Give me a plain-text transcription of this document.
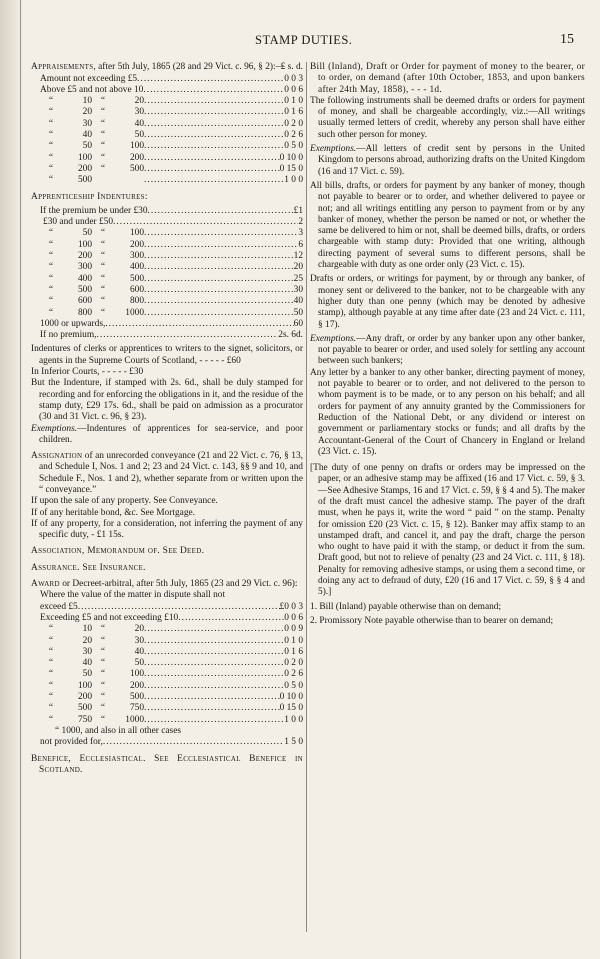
STAMP DUTIES.	15

Appraisements, after 5th July, 1865 (28 and 29 Vict. c. 96, § 2):—

£ s. d.
Amount not exceeding £5 .....	0 0 3
Above £5 and not above 10 .....	0 0 6
“	10 “	20 .....	0 1 0
“	20 “	30 .....	0 1 6
“	30 “	40 .....	0 2 0
“	40 “	50 .....	0 2 6
“	50 “	100 .....	0 5 0
“	100 “	200 .....	0 10 0
“	200 “	500 .....	0 15 0
“	500 .....	1 0 0

Apprenticeship Indentures:

If the premium be under £30 .....	£1
£30 and under £50 .....	2
“	50 “	100 .....	3
“	100 “	200 .....	6
“	200 “	300 .....	12
“	300 “	400 .....	20
“	400 “	500 .....	25
“	500 “	600 .....	30
“	600 “	800 .....	40
“	800 “ 1000 .....	50
1000 or upwards, .....	60
If no premium, .....	2s. 6d.

Indentures of clerks or apprentices to writers to the signet, solicitors, or agents in the Supreme Courts of Scotland, - - - - - £60

In Inferior Courts, - - - - - £30

But the Indenture, if stamped with 2s. 6d., shall be duly stamped for recording and for enforcing the obligations in it, and the residue of the stamp duty, £29 17s. 6d., shall be paid on admission as a procurator (30 and 31 Vict. c. 96, § 23).

Exemptions.—Indentures of apprentices for sea-service, and poor children.

Assignation of an unrecorded conveyance (21 and 22 Vict. c. 76, § 13, and Schedule I, Nos. 1 and 2; 23 and 24 Vict. c. 143, §§ 9 and 10, and Schedule F., Nos. 1 and 2), whether separate from or written upon the “ conveyance.”

If upon the sale of any property. See Conveyance.

If of any heritable bond, &c. See Mortgage.

If of any property, for a consideration, not inferring the payment of any specific duty, - £1 15s.

Association, Memorandum of. See Deed.

Assurance. See Insurance.

Award or Decreet-arbitral, after 5th July, 1865 (23 and 29 Vict. c. 96):

Where the value of the matter in dispute shall not

exceed £5 .....	£0 0 3
Exceeding £5 and not exceeding £10 .....	0 0 6
“	10 “	20 .....	0 0 9
“	20 “	30 .....	0 1 0
“	30 “	40 .....	0 1 6
“	40 “	50 .....	0 2 0
“	50 “	100 .....	0 2 6
“	100 “	200 .....	0 5 0
“	200 “	500 .....	0 10 0
“	500 “	750 .....	0 15 0
“	750 “ 1000 .....	1 0 0

“ 1000, and also in all other cases

not provided for, .....	1 5 0

Benefice, Ecclesiastical. See Ecclesiastical Benefice in Scotland.

Bill (Inland), Draft or Order for payment of money to the bearer, or to order, on demand (after 10th October, 1853, and upon bankers after 24th May, 1858), - - - 1d.

The following instruments shall be deemed drafts or orders for payment of money, and shall be chargeable accordingly, viz.:—All writings usually termed letters of credit, whereby any person shall have either such other person for money.

Exemptions.—All letters of credit sent by persons in the United Kingdom to persons abroad, authorizing drafts on the United Kingdom (16 and 17 Vict. c. 59).

All bills, drafts, or orders for payment by any banker of money, though not payable to bearer or to order, and whether delivered to payee or not; and all writings entitling any person to payment from or by any banker of money, whether the person be named or not, or whether the same be delivered to him or not, shall be deemed bills, drafts, or orders chargeable with stamp duty: Provided that one writing, although directing payment of several sums to different persons, shall be chargeable with duty as one order only (23 Vict. c. 15).

Drafts or orders, or writings for payment, by or through any banker, of money sent or delivered to the banker, not to be chargeable with any higher duty than one penny (which may be denoted by adhesive stamp), although payable at any time after date (23 and 24 Vict. c. 111, § 17).

Exemptions.—Any draft, or order by any banker upon any other banker, not payable to bearer or order, and used solely for settling any account between such bankers;

Any letter by a banker to any other banker, directing payment of money, not payable to bearer or to order, and not delivered to the person to whom payment is to be made, or to any person on his behalf; and all orders for payment of any annuity granted by the Commissioners for Reduction of the National Debt, or any dividend or interest on government or parliamentary stocks or funds; and all drafts by the Accountant-General of the Court of Chancery in England or Ireland (23 Vict. c. 15).

[The duty of one penny on drafts or orders may be impressed on the paper, or an adhesive stamp may be affixed (16 and 17 Vict. c. 59, § 3.—See Adhesive Stamps, 16 and 17 Vict. c. 59, § § 4 and 5). The maker of the draft must cancel the adhesive stamp. The payer of the draft must, when he pays it, write the word “ paid ” on the stamp. Penalty for omission £20 (23 Vict. c. 15, § 12). Banker may affix stamp to an unstamped draft, and cancel it, and pay the draft, charge the person who ought to have paid it with the stamp, or deduct it from the sum. Draft good, but not to relieve of penalty (23 and 24 Vict. c. 111, § 18). Penalty for removing adhesive stamps, or using them a second time, or doing any act to defraud of duty, £20 (16 and 17 Vict. c. 59, § § 4 and 5).]

1. Bill (Inland) payable otherwise than on demand;

2. Promissory Note payable otherwise than to bearer on demand;
